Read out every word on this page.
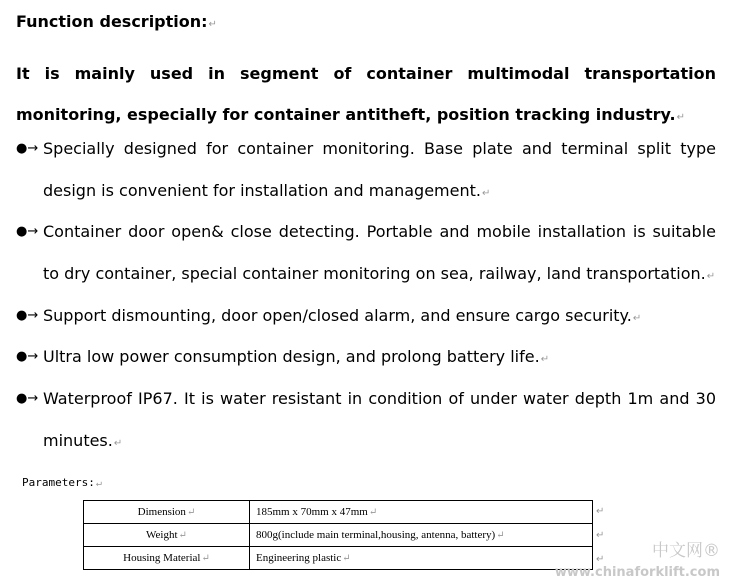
Function description:↵
It is mainly used in segment of container multimodal transportation monitoring, especially for container antitheft, position tracking industry.↵
●→ Specially designed for container monitoring. Base plate and terminal split type design is convenient for installation and management.↵
●→ Container door open& close detecting. Portable and mobile installation is suitable to dry container, special container monitoring on sea, railway, land transportation.↵
●→ Support dismounting, door open/closed alarm, and ensure cargo security.↵
●→ Ultra low power consumption design, and prolong battery life.↵
●→ Waterproof IP67. It is water resistant in condition of under water depth 1m and 30 minutes.↵
Parameters:↵
Dimension↵	185mm x 70mm x 47mm↵
Weight↵	800g(include main terminal,housing, antenna, battery)↵
Housing Material↵	Engineering plastic↵
↵
↵
↵	中文网®
www.chinaforklift.com
